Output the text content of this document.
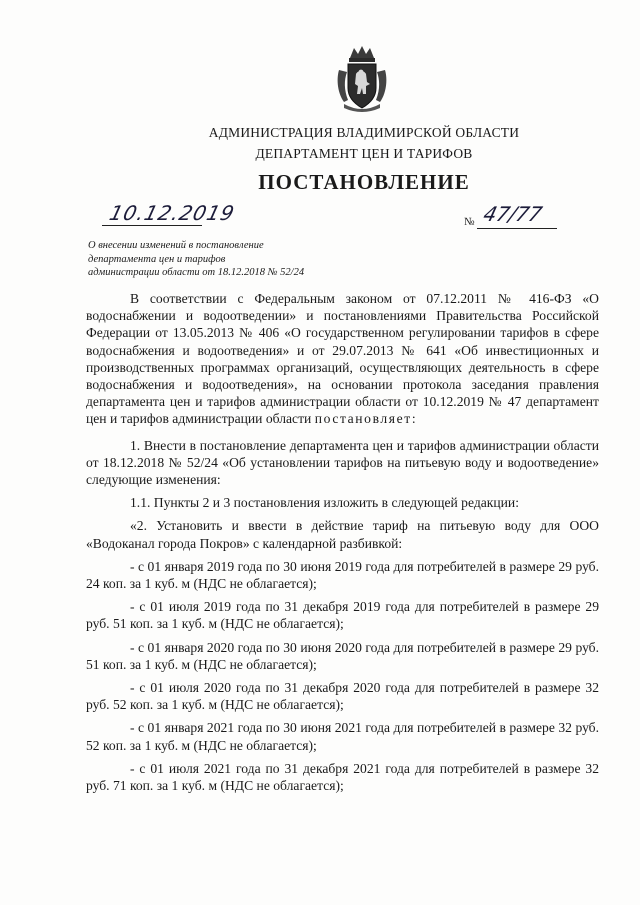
АДМИНИСТРАЦИЯ ВЛАДИМИРСКОЙ ОБЛАСТИ
ДЕПАРТАМЕНТ ЦЕН И ТАРИФОВ
ПОСТАНОВЛЕНИЕ
10.12.2019	№ 47/77
О внесении изменений в постановление
департамента цен и тарифов
администрации области от 18.12.2018 № 52/24

В соответствии с Федеральным законом от 07.12.2011 № 416-ФЗ «О водоснабжении и водоотведении» и постановлениями Правительства Российской Федерации от 13.05.2013 № 406 «О государственном регулировании тарифов в сфере водоснабжения и водоотведения» и от 29.07.2013 № 641 «Об инвестиционных и производственных программах организаций, осуществляющих деятельность в сфере водоснабжения и водоотведения», на основании протокола заседания правления департамента цен и тарифов администрации области от 10.12.2019 № 47 департамент цен и тарифов администрации области постановляет:

1. Внести в постановление департамента цен и тарифов администрации области от 18.12.2018 № 52/24 «Об установлении тарифов на питьевую воду и водоотведение» следующие изменения:

1.1. Пункты 2 и 3 постановления изложить в следующей редакции:

«2. Установить и ввести в действие тариф на питьевую воду для ООО «Водоканал города Покров» с календарной разбивкой:

- с 01 января 2019 года по 30 июня 2019 года для потребителей в размере 29 руб. 24 коп. за 1 куб. м (НДС не облагается);

- с 01 июля 2019 года по 31 декабря 2019 года для потребителей в размере 29 руб. 51 коп. за 1 куб. м (НДС не облагается);

- с 01 января 2020 года по 30 июня 2020 года для потребителей в размере 29 руб. 51 коп. за 1 куб. м (НДС не облагается);

- с 01 июля 2020 года по 31 декабря 2020 года для потребителей в размере 32 руб. 52 коп. за 1 куб. м (НДС не облагается);

- с 01 января 2021 года по 30 июня 2021 года для потребителей в размере 32 руб. 52 коп. за 1 куб. м (НДС не облагается);

- с 01 июля 2021 года по 31 декабря 2021 года для потребителей в размере 32 руб. 71 коп. за 1 куб. м (НДС не облагается);
